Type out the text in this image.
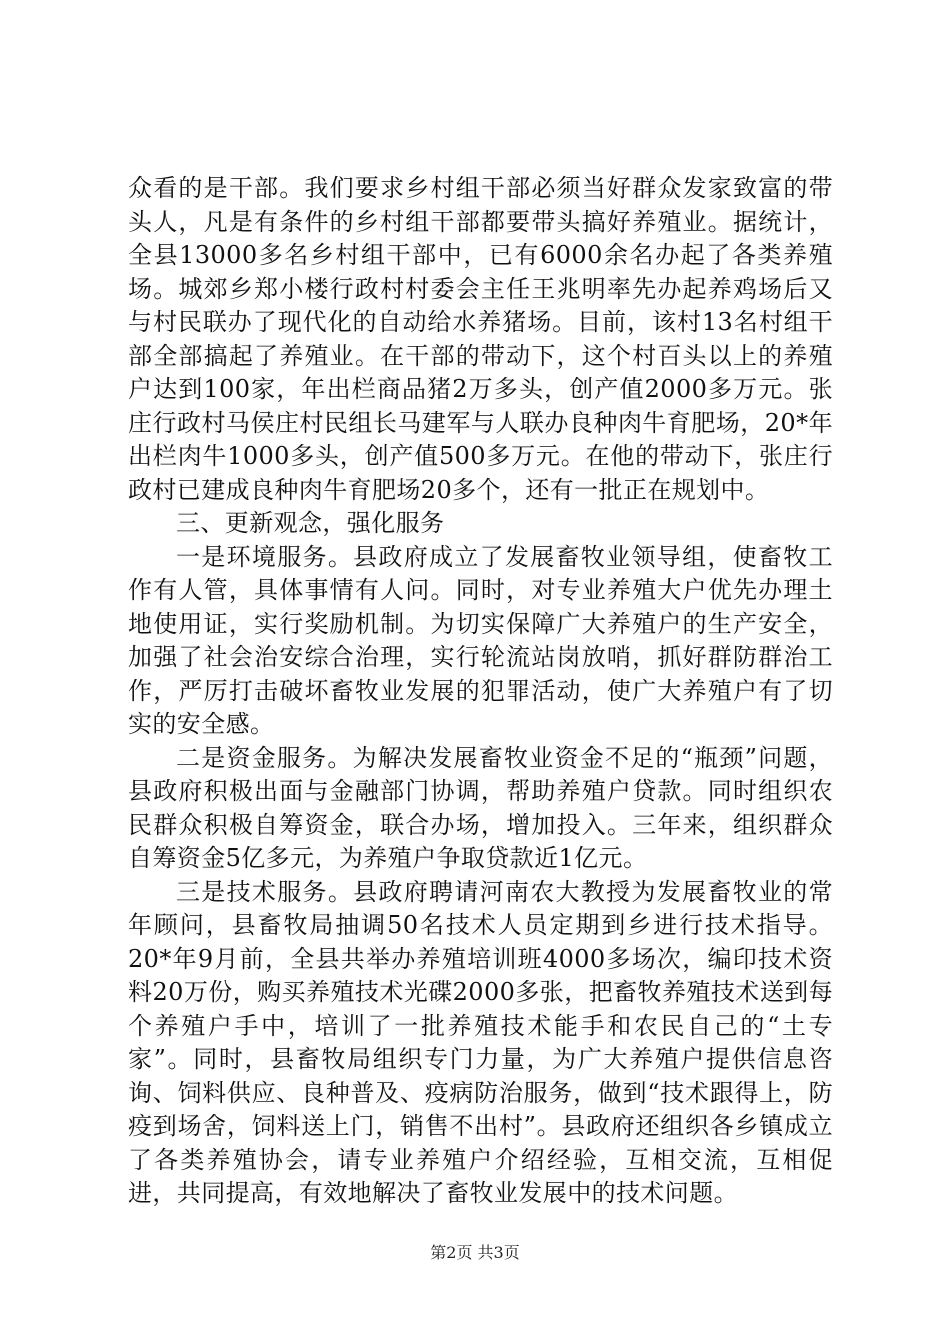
众看的是干部。我们要求乡村组干部必须当好群众发家致富的带头人，凡是有条件的乡村组干部都要带头搞好养殖业。据统计，全县13000多名乡村组干部中，已有6000余名办起了各类养殖场。城郊乡郑小楼行政村村委会主任王兆明率先办起养鸡场后又与村民联办了现代化的自动给水养猪场。目前，该村13名村组干部全部搞起了养殖业。在干部的带动下，这个村百头以上的养殖户达到100家，年出栏商品猪2万多头，创产值2000多万元。张庄行政村马侯庄村民组长马建军与人联办良种肉牛育肥场，20*年出栏肉牛1000多头，创产值500多万元。在他的带动下，张庄行政村已建成良种肉牛育肥场20多个，还有一批正在规划中。

三、更新观念，强化服务

一是环境服务。县政府成立了发展畜牧业领导组，使畜牧工作有人管，具体事情有人问。同时，对专业养殖大户优先办理土地使用证，实行奖励机制。为切实保障广大养殖户的生产安全，加强了社会治安综合治理，实行轮流站岗放哨，抓好群防群治工作，严厉打击破坏畜牧业发展的犯罪活动，使广大养殖户有了切实的安全感。

二是资金服务。为解决发展畜牧业资金不足的“瓶颈”问题，县政府积极出面与金融部门协调，帮助养殖户贷款。同时组织农民群众积极自筹资金，联合办场，增加投入。三年来，组织群众自筹资金5亿多元，为养殖户争取贷款近1亿元。

三是技术服务。县政府聘请河南农大教授为发展畜牧业的常年顾问，县畜牧局抽调50名技术人员定期到乡进行技术指导。20*年9月前，全县共举办养殖培训班4000多场次，编印技术资料20万份，购买养殖技术光碟2000多张，把畜牧养殖技术送到每个养殖户手中，培训了一批养殖技术能手和农民自己的“土专家”。同时，县畜牧局组织专门力量，为广大养殖户提供信息咨询、饲料供应、良种普及、疫病防治服务，做到“技术跟得上，防疫到场舍，饲料送上门，销售不出村”。县政府还组织各乡镇成立了各类养殖协会，请专业养殖户介绍经验，互相交流，互相促进，共同提高，有效地解决了畜牧业发展中的技术问题。

第2页 共3页
